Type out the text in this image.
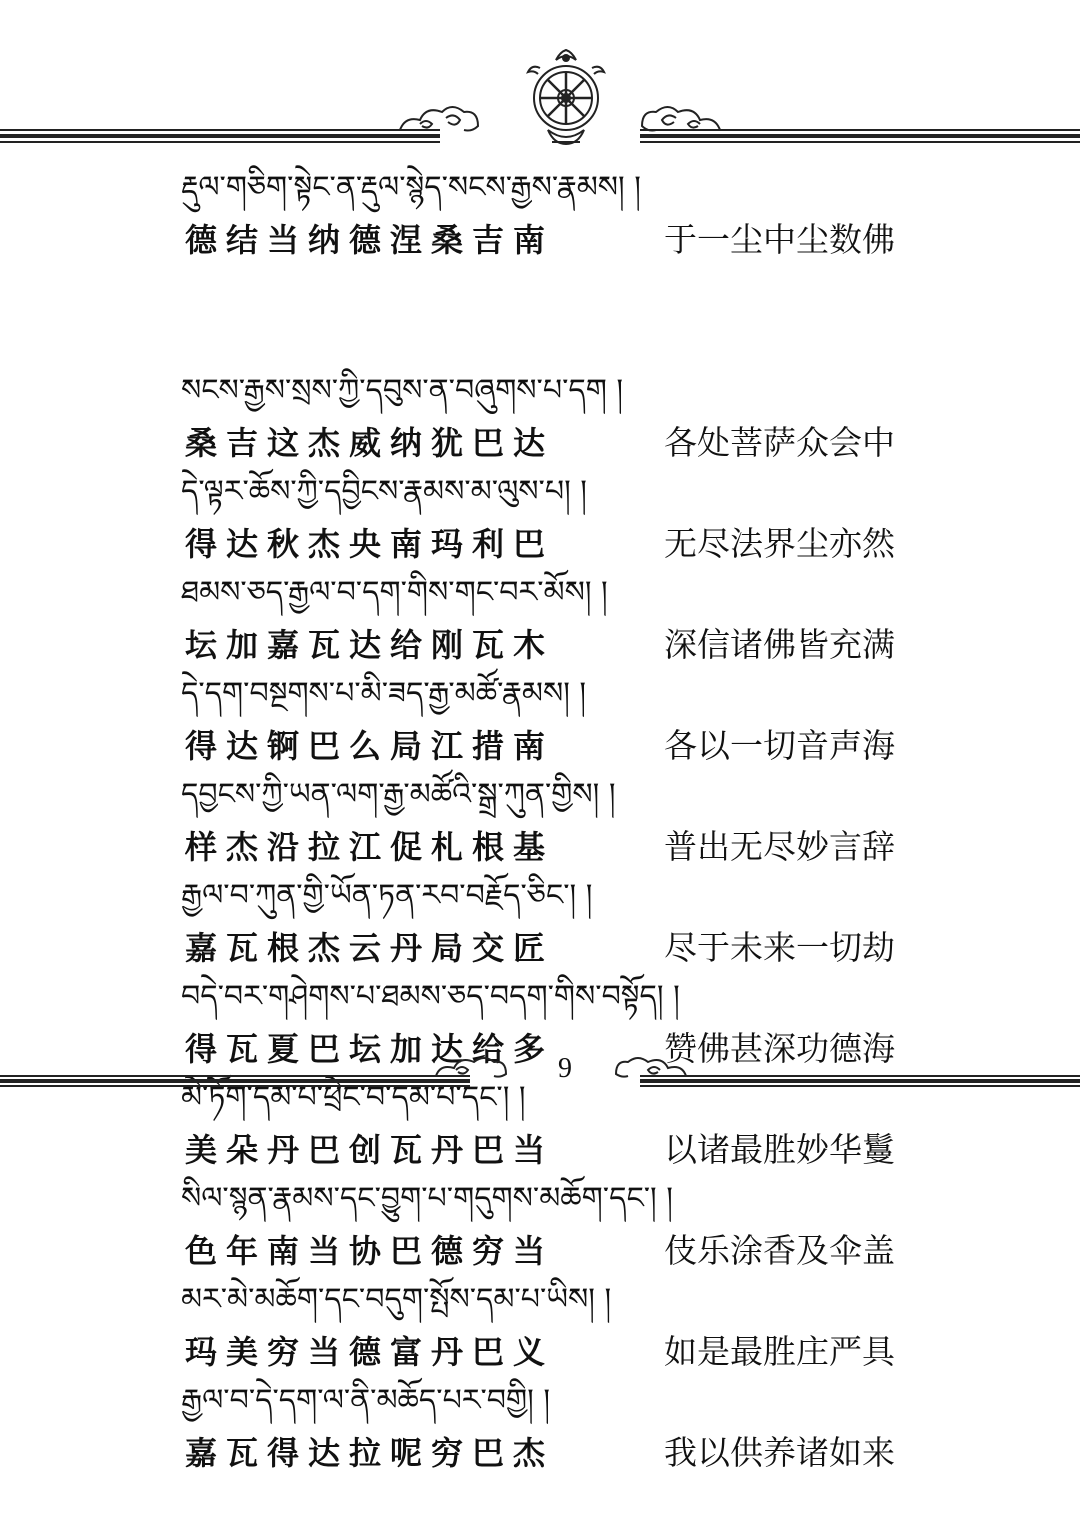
རྡུལ་གཅིག་སྟེང་ན་རྡུལ་སྙེད་སངས་རྒྱས་རྣམས། །
德结当纳德涅桑吉南	于一尘中尘数佛
སངས་རྒྱས་སྲས་ཀྱི་དབུས་ན་བཞུགས་པ་དག །
桑吉这杰威纳犹巴达	各处菩萨众会中
དེ་ལྟར་ཆོས་ཀྱི་དབྱིངས་རྣམས་མ་ལུས་པ། །
得达秋杰央南玛利巴	无尽法界尘亦然
ཐམས་ཅད་རྒྱལ་བ་དག་གིས་གང་བར་མོས། །
坛加嘉瓦达给刚瓦木	深信诸佛皆充满
དེ་དག་བསྔགས་པ་མི་ཟད་རྒྱ་མཚོ་རྣམས། །
得达锕巴么局江措南	各以一切音声海
དབྱངས་ཀྱི་ཡན་ལག་རྒྱ་མཚོའི་སྒྲ་ཀུན་གྱིས། །
样杰沿拉江促札根基	普出无尽妙言辞
རྒྱལ་བ་ཀུན་གྱི་ཡོན་ཏན་རབ་བརྗོད་ཅིང་། །
嘉瓦根杰云丹局交匠	尽于未来一切劫
བདེ་བར་གཤེགས་པ་ཐམས་ཅད་བདག་གིས་བསྟོད། །
得瓦夏巴坛加达给多	赞佛甚深功德海
མེ་ཏོག་དམ་པ་ཕྲེང་བ་དམ་པ་དང་། །
美朵丹巴创瓦丹巴当	以诸最胜妙华鬘
སིལ་སྙན་རྣམས་དང་བྱུག་པ་གདུགས་མཆོག་དང་། །
色年南当协巴德穷当	伎乐涂香及伞盖
མར་མེ་མཆོག་དང་བདུག་སྤོས་དམ་པ་ཡིས། །
玛美穷当德富丹巴义	如是最胜庄严具
རྒྱལ་བ་དེ་དག་ལ་ནི་མཆོད་པར་བགྱི། །
嘉瓦得达拉呢穷巴杰	我以供养诸如来
9
